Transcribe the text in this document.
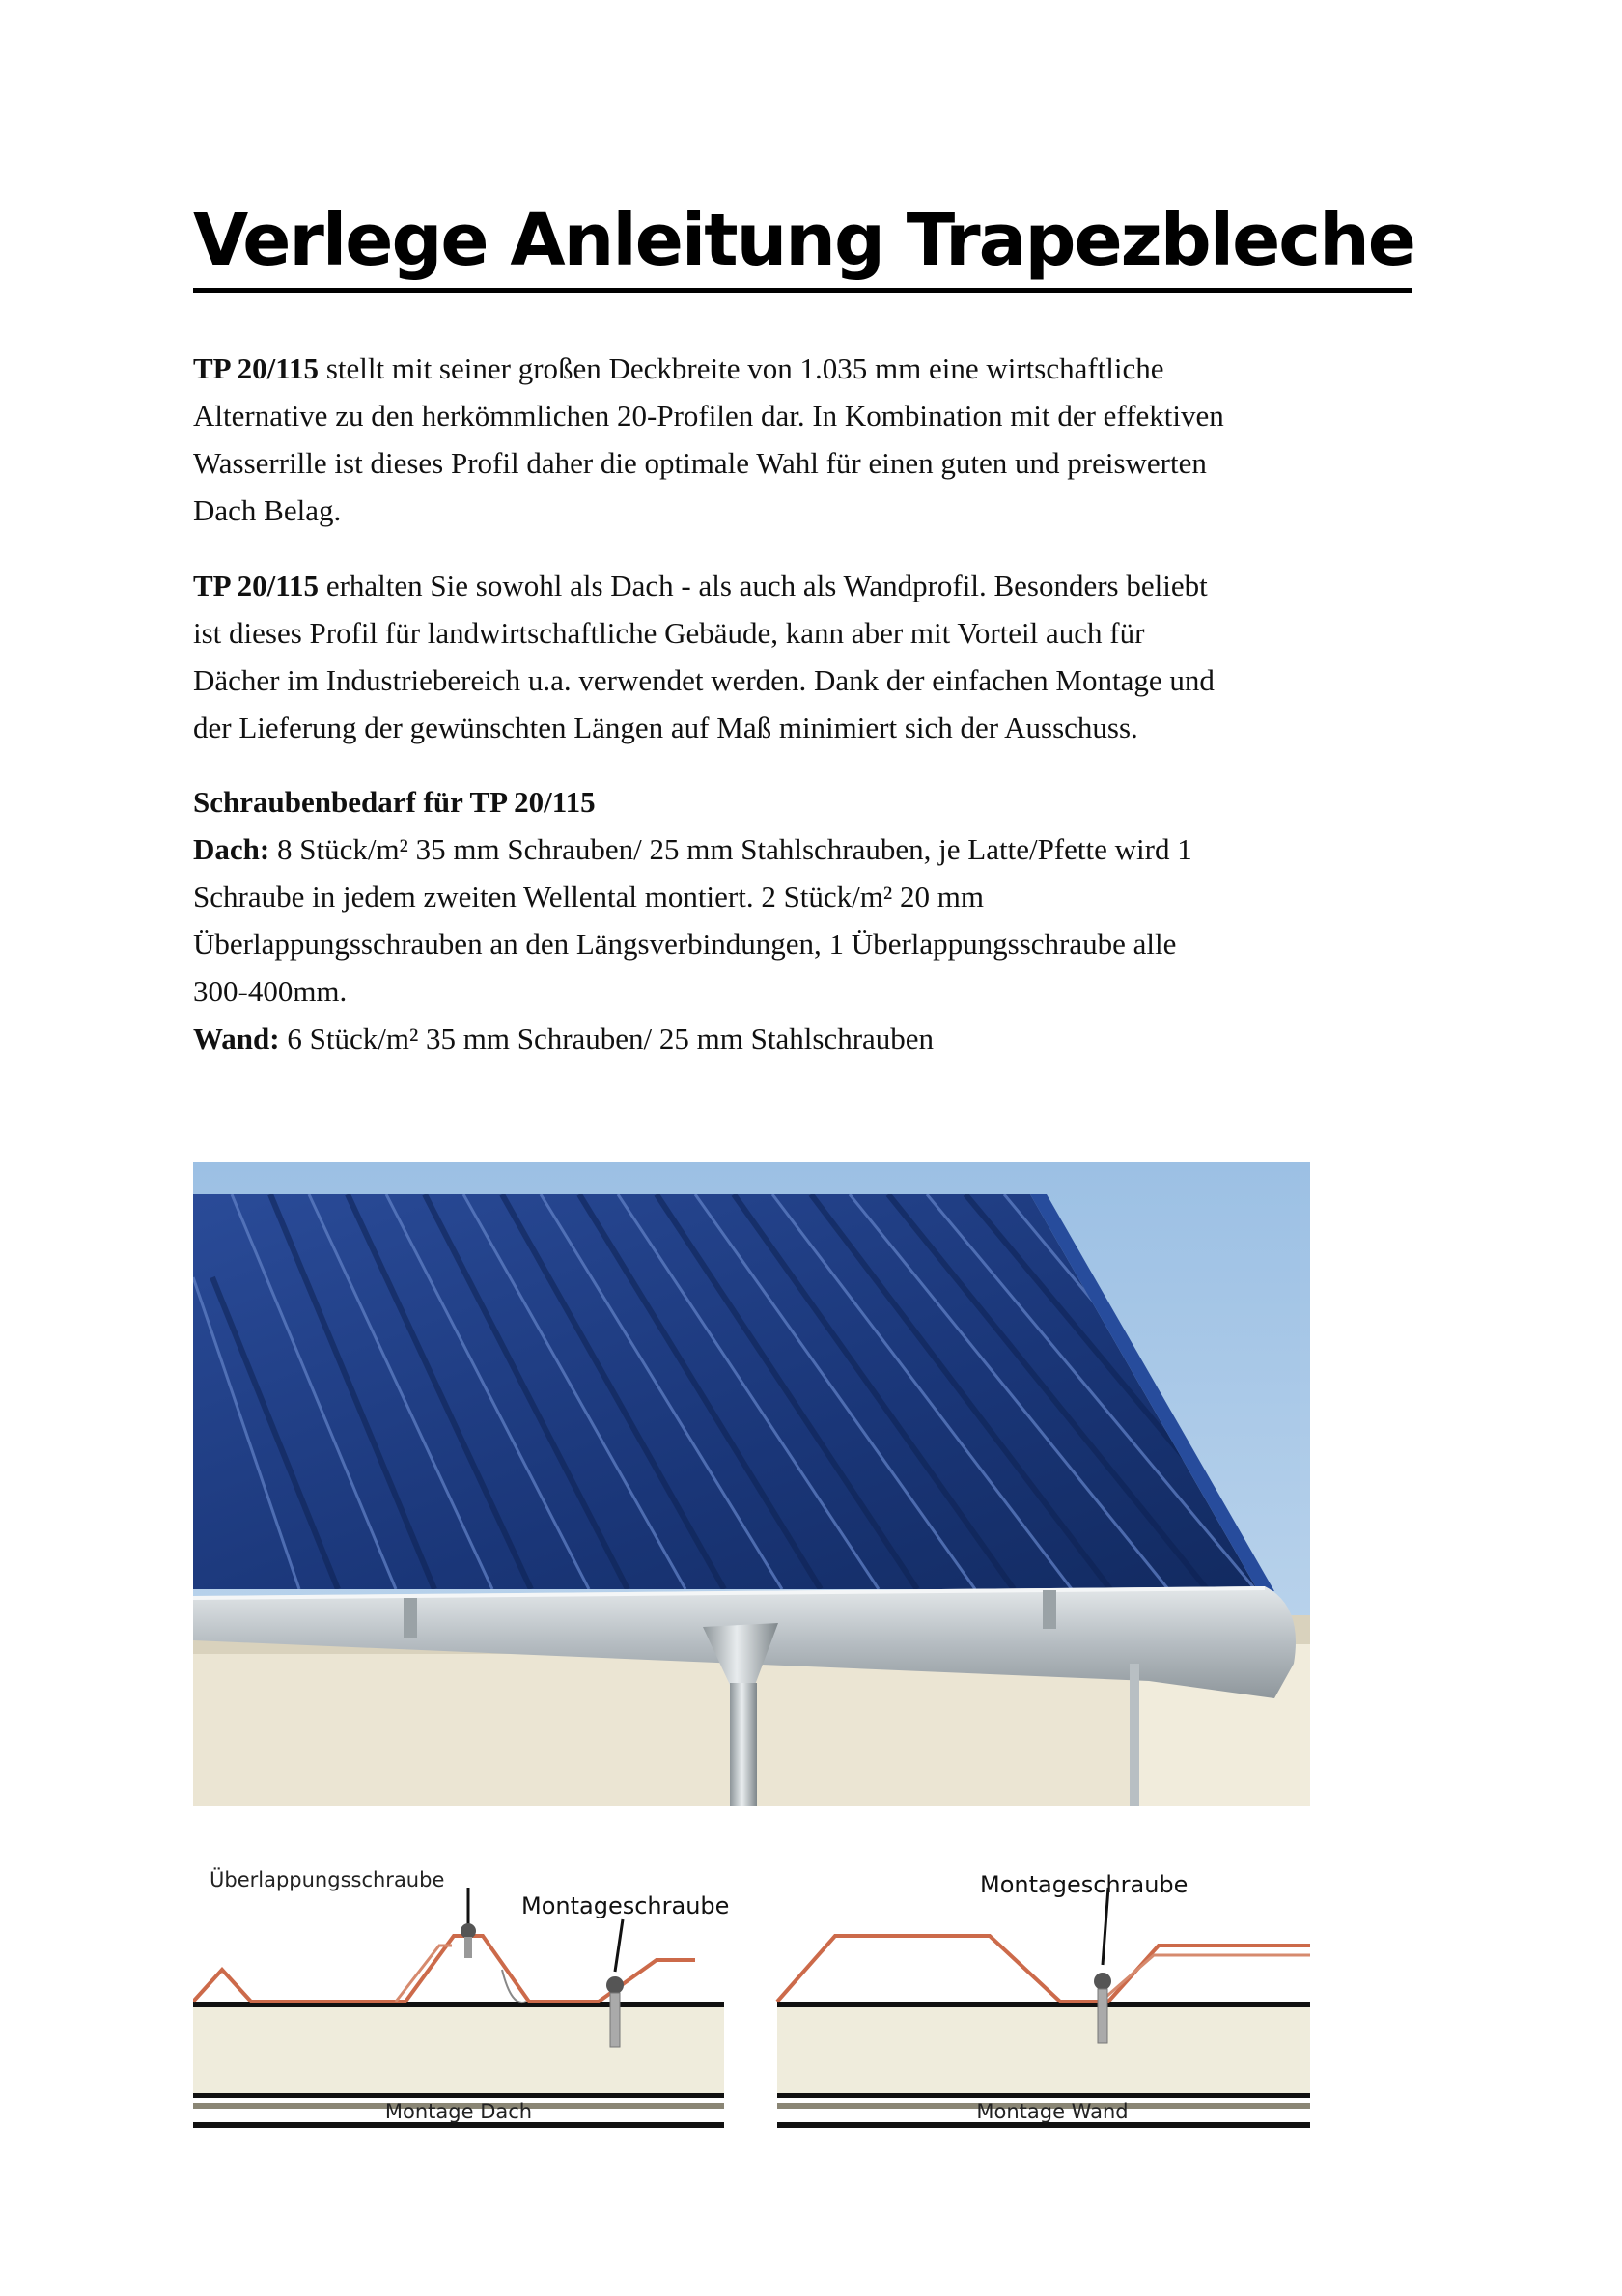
Verlege Anleitung Trapezbleche

TP 20/115 stellt mit seiner großen Deckbreite von 1.035 mm eine wirtschaftliche
Alternative zu den herkömmlichen 20-Profilen dar. In Kombination mit der effektiven
Wasserrille ist dieses Profil daher die optimale Wahl für einen guten und preiswerten
Dach Belag.

TP 20/115 erhalten Sie sowohl als Dach - als auch als Wandprofil. Besonders beliebt
ist dieses Profil für landwirtschaftliche Gebäude, kann aber mit Vorteil auch für
Dächer im Industriebereich u.a. verwendet werden. Dank der einfachen Montage und
der Lieferung der gewünschten Längen auf Maß minimiert sich der Ausschuss.

Schraubenbedarf für TP 20/115
Dach: 8 Stück/m² 35 mm Schrauben/ 25 mm Stahlschrauben, je Latte/Pfette wird 1
Schraube in jedem zweiten Wellental montiert. 2 Stück/m² 20 mm
Überlappungsschrauben an den Längsverbindungen, 1 Überlappungsschraube alle
300-400mm.
Wand: 6 Stück/m² 35 mm Schrauben/ 25 mm Stahlschrauben
Überlappungsschraube
Montageschraube
Montage Dach
Montageschraube
Montage Wand
